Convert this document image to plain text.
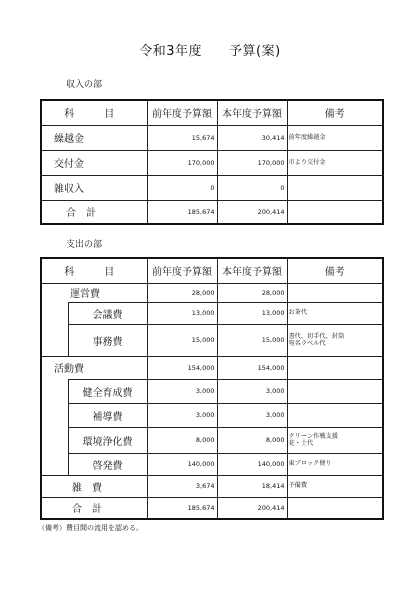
令和3年度　　予算(案)
収入の部
科　目	前年度予算額	本年度予算額	備考
繰越金	15,674	30,414	前年度繰越金
交付金	170,000	170,000	市より交付金
雑収入	0	0	
合　計	185,674	200,414	
支出の部
科　目		前年度予算額	本年度予算額	備考
運営費		28,000	28,000	
	会議費	13,000	13,000	お茶代
	事務費	15,000	15,000	書代、切手代、封筒
宛名ラベル代
活動費		154,000	154,000	
	健全育成費	3,000	3,000	
	補導費	3,000	3,000	
	環境浄化費	8,000	8,000	クリーン作戦支援
花・土代
	啓発費	140,000	140,000	東ブロック便り
雑　費		3,674	18,414	予備費
合　計		185,674	200,414	
（備考）費目間の流用を認める。
